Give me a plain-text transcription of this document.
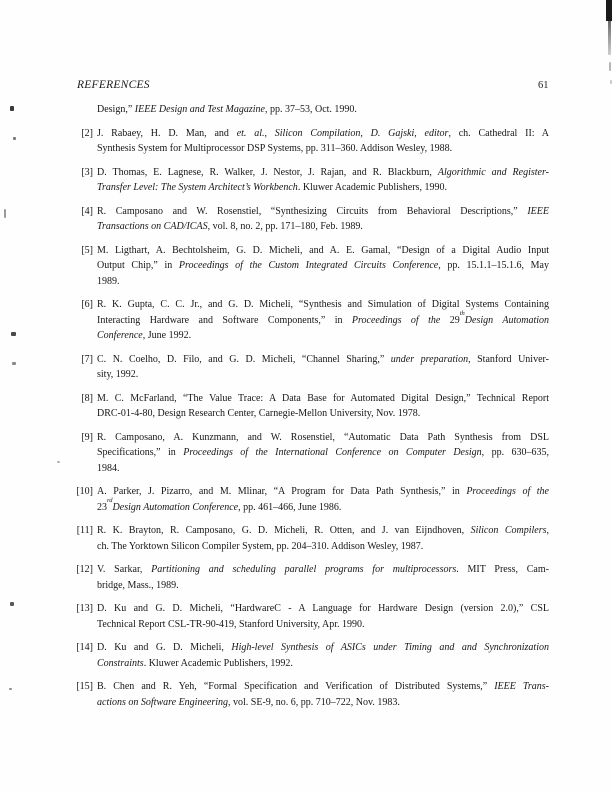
REFERENCES	61
Design,” IEEE Design and Test Magazine, pp. 37–53, Oct. 1990.
[2] J. Rabaey, H. D. Man, and et. al., Silicon Compilation, D. Gajski, editor, ch. Cathedral II: A
Synthesis System for Multiprocessor DSP Systems, pp. 311–360. Addison Wesley, 1988.
[3] D. Thomas, E. Lagnese, R. Walker, J. Nestor, J. Rajan, and R. Blackburn, Algorithmic and Register-
Transfer Level: The System Architect’s Workbench. Kluwer Academic Publishers, 1990.
[4] R. Camposano and W. Rosenstiel, “Synthesizing Circuits from Behavioral Descriptions,” IEEE
Transactions on CAD/ICAS, vol. 8, no. 2, pp. 171–180, Feb. 1989.
[5] M. Ligthart, A. Bechtolsheim, G. D. Micheli, and A. E. Gamal, “Design of a Digital Audio Input
Output Chip,” in Proceedings of the Custom Integrated Circuits Conference, pp. 15.1.1–15.1.6, May
1989.
[6] R. K. Gupta, C. C. Jr., and G. D. Micheli, “Synthesis and Simulation of Digital Systems Containing
Interacting Hardware and Software Components,” in Proceedings of the 29thDesign Automation
Conference, June 1992.
[7] C. N. Coelho, D. Filo, and G. D. Micheli, “Channel Sharing,” under preparation, Stanford Univer-
sity, 1992.
[8] M. C. McFarland, “The Value Trace: A Data Base for Automated Digital Design,” Technical Report
DRC-01-4-80, Design Research Center, Carnegie-Mellon University, Nov. 1978.
[9] R. Camposano, A. Kunzmann, and W. Rosenstiel, “Automatic Data Path Synthesis from DSL
Specifications,” in Proceedings of the International Conference on Computer Design, pp. 630–635,
1984.
[10] A. Parker, J. Pizarro, and M. Mlinar, “A Program for Data Path Synthesis,” in Proceedings of the
23rdDesign Automation Conference, pp. 461–466, June 1986.
[11] R. K. Brayton, R. Camposano, G. D. Micheli, R. Otten, and J. van Eijndhoven, Silicon Compilers,
ch. The Yorktown Silicon Compiler System, pp. 204–310. Addison Wesley, 1987.
[12] V. Sarkar, Partitioning and scheduling parallel programs for multiprocessors. MIT Press, Cam-
bridge, Mass., 1989.
[13] D. Ku and G. D. Micheli, “HardwareC - A Language for Hardware Design (version 2.0),” CSL
Technical Report CSL-TR-90-419, Stanford University, Apr. 1990.
[14] D. Ku and G. D. Micheli, High-level Synthesis of ASICs under Timing and and Synchronization
Constraints. Kluwer Academic Publishers, 1992.
[15] B. Chen and R. Yeh, “Formal Specification and Verification of Distributed Systems,” IEEE Trans-
actions on Software Engineering, vol. SE-9, no. 6, pp. 710–722, Nov. 1983.
